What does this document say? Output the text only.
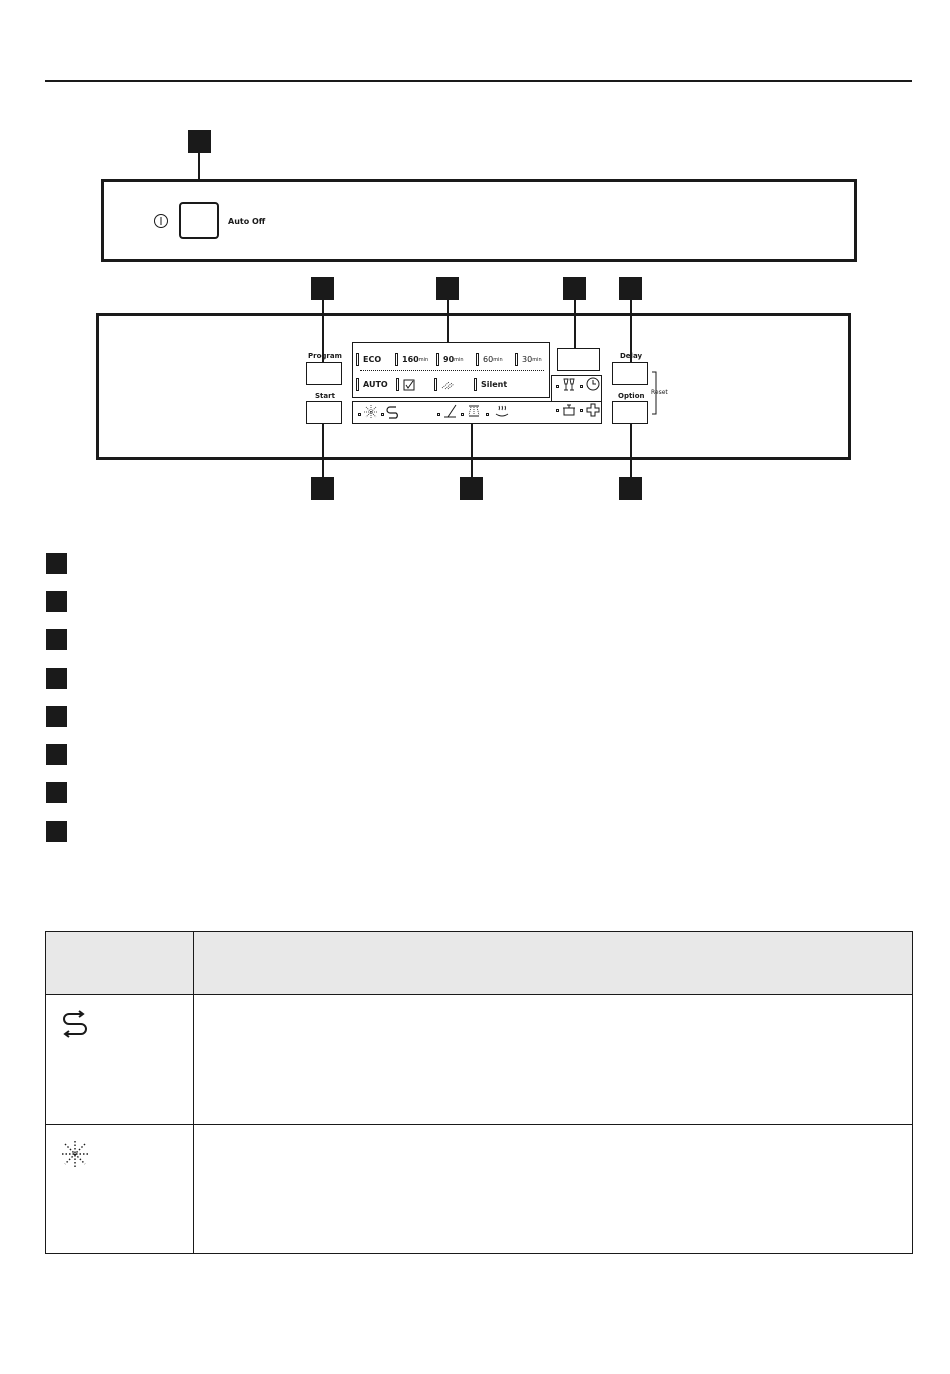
Auto Off
Program
Start
ECO	160 min 90 min 60 min 30 min
AUTO	Silent
Delay
Option Reset
